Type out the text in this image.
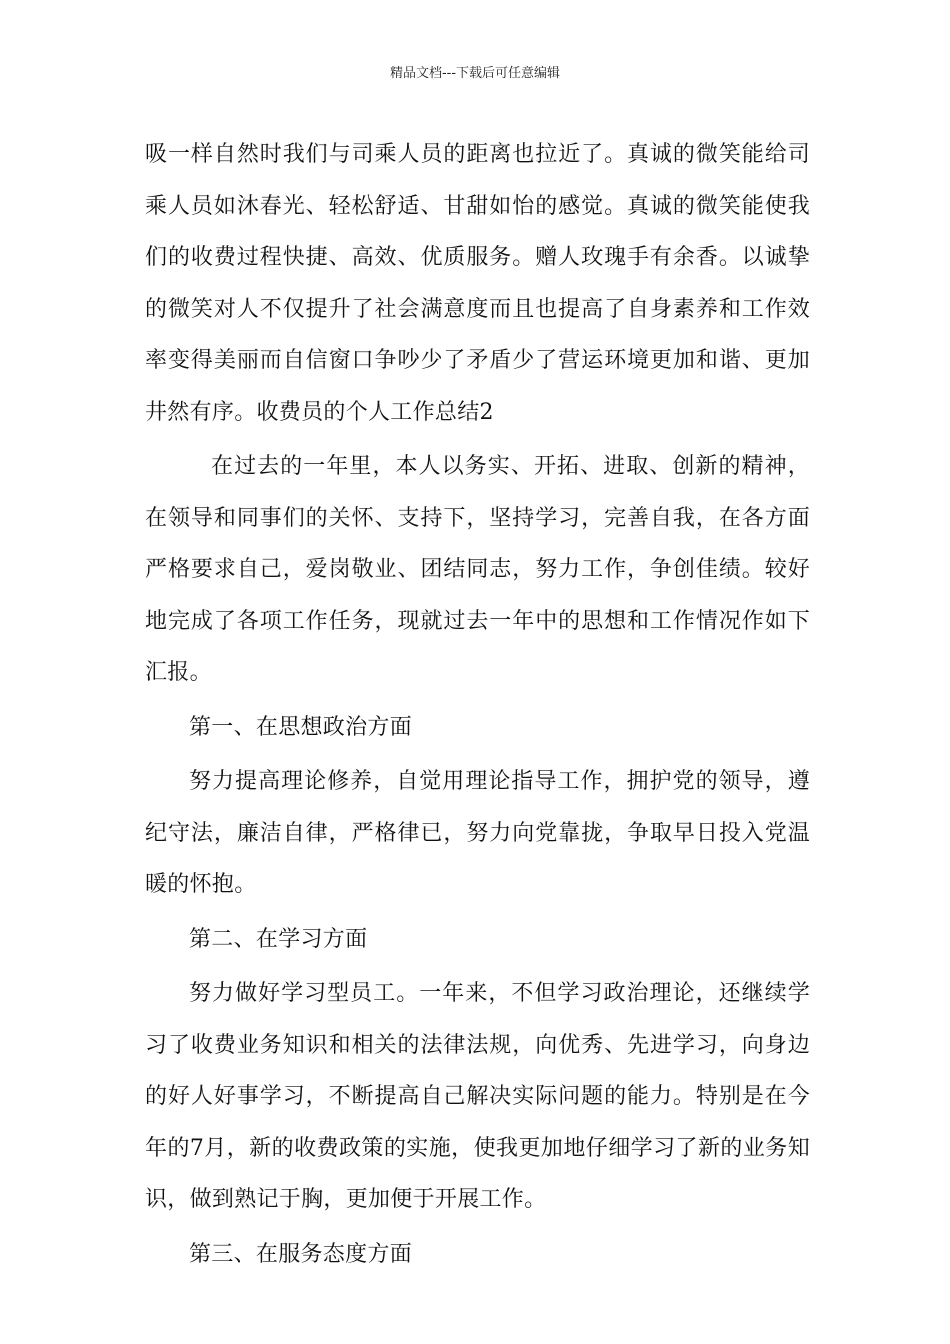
精品文档---下载后可任意编辑

吸一样自然时我们与司乘人员的距离也拉近了。真诚的微笑能给司乘人员如沐春光、轻松舒适、甘甜如怡的感觉。真诚的微笑能使我们的收费过程快捷、高效、优质服务。赠人玫瑰手有余香。以诚挚的微笑对人不仅提升了社会满意度而且也提高了自身素养和工作效率变得美丽而自信窗口争吵少了矛盾少了营运环境更加和谐、更加井然有序。收费员的个人工作总结2

在过去的一年里，本人以务实、开拓、进取、创新的精神，在领导和同事们的关怀、支持下，坚持学习，完善自我，在各方面严格要求自己，爱岗敬业、团结同志，努力工作，争创佳绩。较好地完成了各项工作任务，现就过去一年中的思想和工作情况作如下汇报。

第一、在思想政治方面

努力提高理论修养，自觉用理论指导工作，拥护党的领导，遵纪守法，廉洁自律，严格律已，努力向党靠拢，争取早日投入党温暖的怀抱。

第二、在学习方面

努力做好学习型员工。一年来，不但学习政治理论，还继续学习了收费业务知识和相关的法律法规，向优秀、先进学习，向身边的好人好事学习，不断提高自己解决实际问题的能力。特别是在今年的7月，新的收费政策的实施，使我更加地仔细学习了新的业务知识，做到熟记于胸，更加便于开展工作。

第三、在服务态度方面
